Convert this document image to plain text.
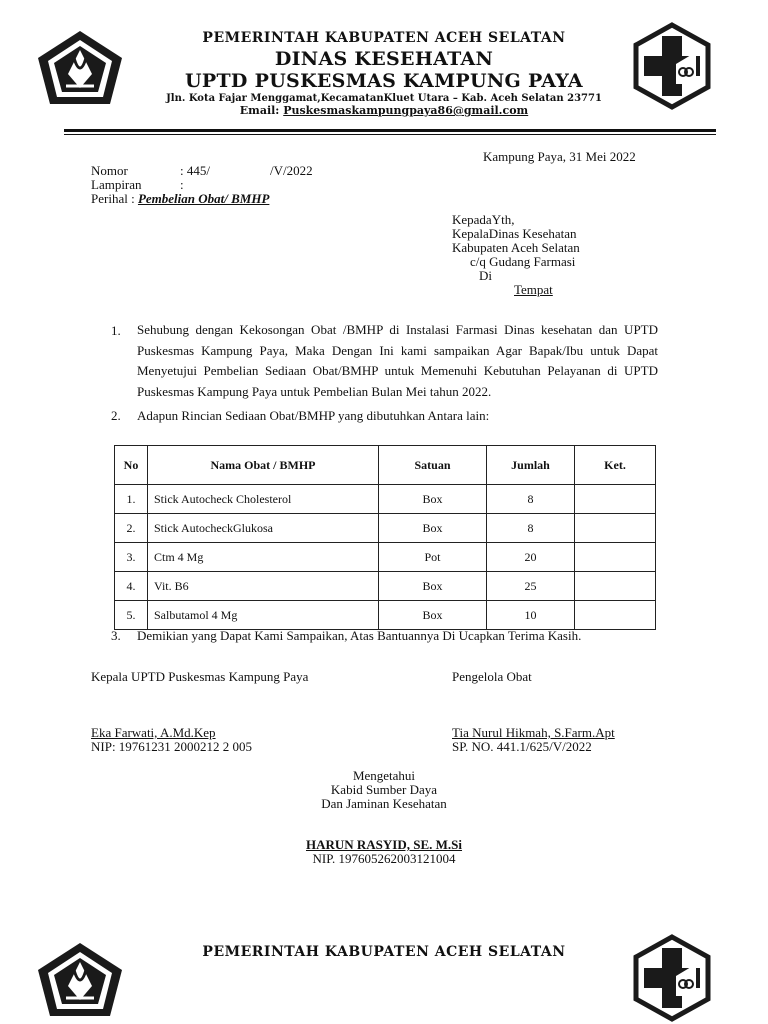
PEMERINTAH KABUPATEN ACEH SELATAN
DINAS KESEHATAN
UPTD PUSKESMAS KAMPUNG PAYA
Jln. Kota Fajar Menggamat,KecamatanKluet Utara – Kab. Aceh Selatan 23771
Email: Puskesmaskampungpaya86@gmail.com
Kampung Paya, 31 Mei 2022
Nomor	: 445/	/V/2022
Lampiran	:
Perihal : Pembelian Obat/ BMHP
KepadaYth,
KepalaDinas Kesehatan
Kabupaten Aceh Selatan
c/q Gudang Farmasi
Di
Tempat
1. Sehubung dengan Kekosongan Obat /BMHP di Instalasi Farmasi Dinas kesehatan dan UPTD Puskesmas Kampung Paya, Maka Dengan Ini kami sampaikan Agar Bapak/Ibu untuk Dapat Menyetujui Pembelian Sediaan Obat/BMHP untuk Memenuhi Kebutuhan Pelayanan di UPTD Puskesmas Kampung Paya untuk Pembelian Bulan Mei tahun 2022.
2. Adapun Rincian Sediaan Obat/BMHP yang dibutuhkan Antara lain:
No	Nama Obat / BMHP	Satuan	Jumlah	Ket.
1.	Stick Autocheck Cholesterol	Box	8	
2.	Stick AutocheckGlukosa	Box	8	
3.	Ctm 4 Mg	Pot	20	
4.	Vit. B6	Box	25	
5.	Salbutamol 4 Mg	Box	10	
3. Demikian yang Dapat Kami Sampaikan, Atas Bantuannya Di Ucapkan Terima Kasih.
Kepala UPTD Puskesmas Kampung Paya	Pengelola Obat
Eka Farwati, A.Md.Kep
NIP: 19761231 2000212 2 005
Tia Nurul Hikmah, S.Farm.Apt
SP. NO. 441.1/625/V/2022
Mengetahui
Kabid Sumber Daya
Dan Jaminan Kesehatan
HARUN RASYID, SE. M.Si
NIP. 197605262003121004
PEMERINTAH KABUPATEN ACEH SELATAN
